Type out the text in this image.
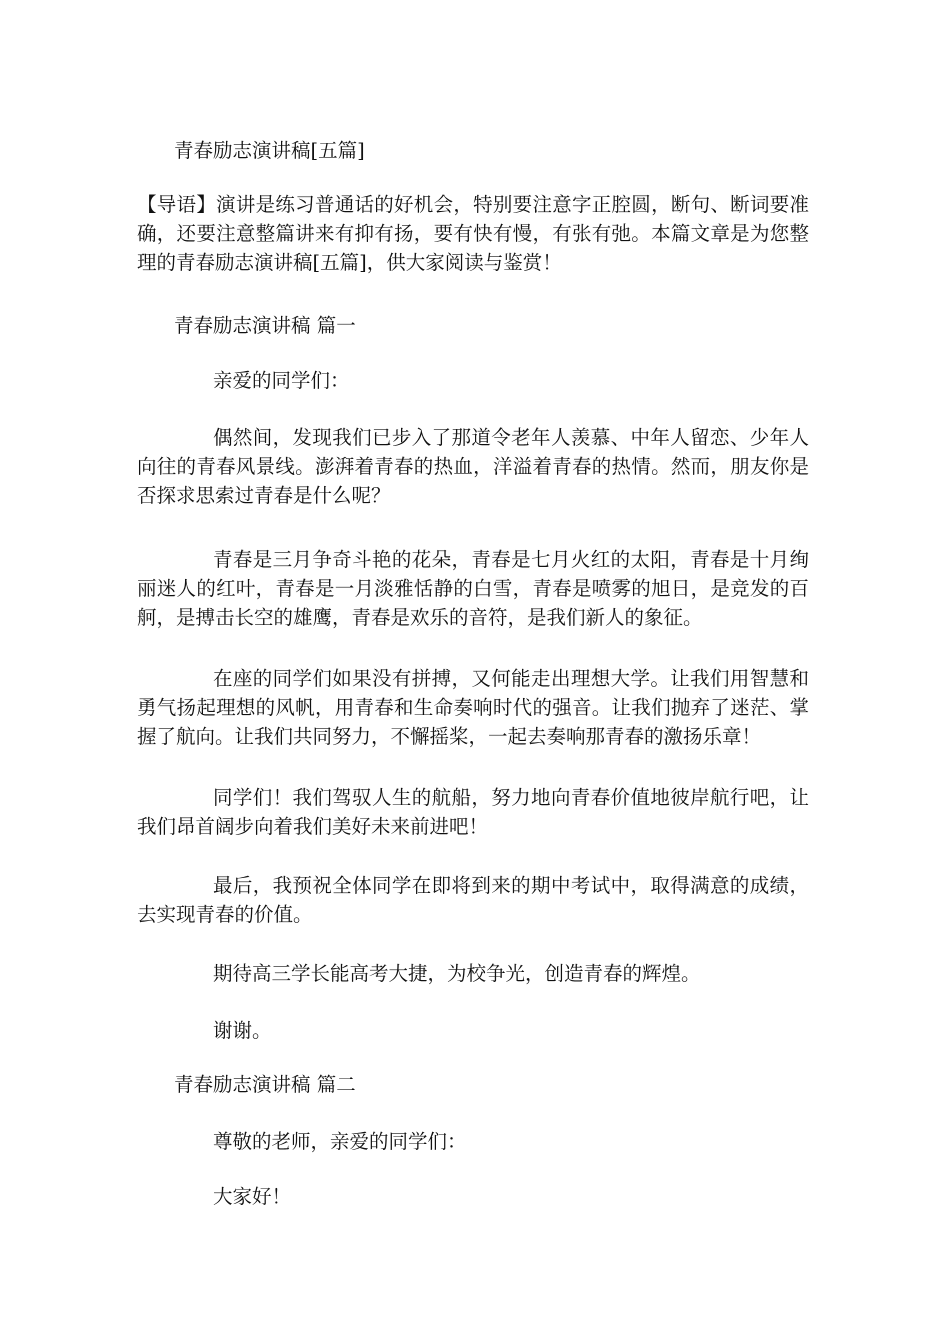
青春励志演讲稿[五篇]

【导语】演讲是练习普通话的好机会，特别要注意字正腔圆，断句、断词要准确，还要注意整篇讲来有抑有扬，要有快有慢，有张有弛。本篇文章是为您整理的青春励志演讲稿[五篇]，供大家阅读与鉴赏！

青春励志演讲稿 篇一

亲爱的同学们：

偶然间，发现我们已步入了那道令老年人羡慕、中年人留恋、少年人向往的青春风景线。澎湃着青春的热血，洋溢着青春的热情。然而，朋友你是否探求思索过青春是什么呢？

青春是三月争奇斗艳的花朵，青春是七月火红的太阳，青春是十月绚丽迷人的红叶，青春是一月淡雅恬静的白雪，青春是喷雾的旭日，是竞发的百舸，是搏击长空的雄鹰，青春是欢乐的音符，是我们新人的象征。

在座的同学们如果没有拼搏，又何能走出理想大学。让我们用智慧和勇气扬起理想的风帆，用青春和生命奏响时代的强音。让我们抛弃了迷茫、掌握了航向。让我们共同努力，不懈摇桨，一起去奏响那青春的激扬乐章！

同学们！我们驾驭人生的航船，努力地向青春价值地彼岸航行吧，让我们昂首阔步向着我们美好未来前进吧！

最后，我预祝全体同学在即将到来的期中考试中，取得满意的成绩，去实现青春的价值。

期待高三学长能高考大捷，为校争光，创造青春的辉煌。

谢谢。

青春励志演讲稿 篇二

尊敬的老师，亲爱的同学们：

大家好！
